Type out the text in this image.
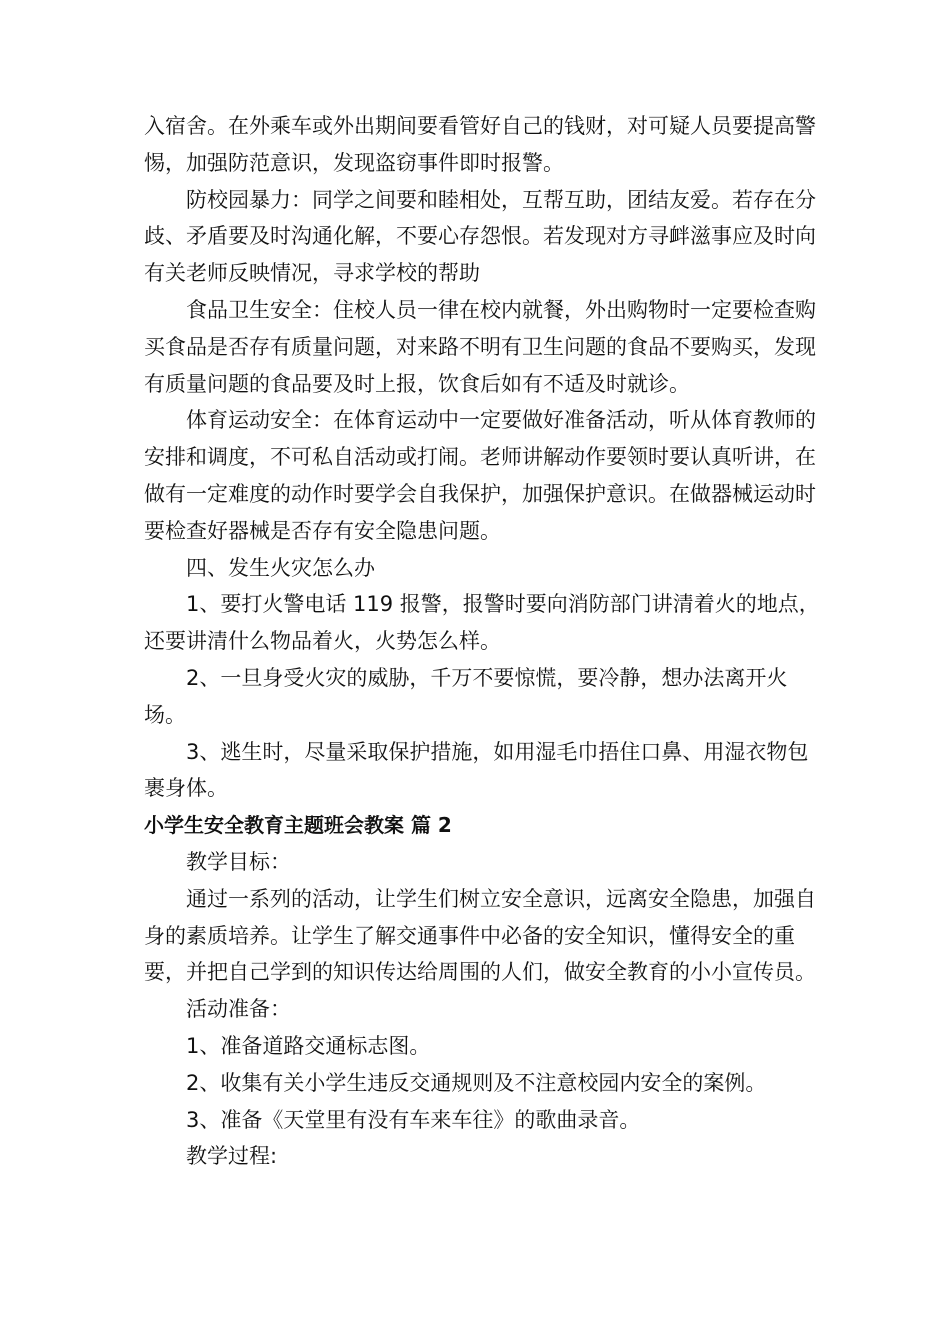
入宿舍。在外乘车或外出期间要看管好自己的钱财，对可疑人员要提高警惕，加强防范意识，发现盗窃事件即时报警。

防校园暴力：同学之间要和睦相处，互帮互助，团结友爱。若存在分歧、矛盾要及时沟通化解，不要心存怨恨。若发现对方寻衅滋事应及时向有关老师反映情况，寻求学校的帮助

食品卫生安全：住校人员一律在校内就餐，外出购物时一定要检查购买食品是否存有质量问题，对来路不明有卫生问题的食品不要购买，发现有质量问题的食品要及时上报，饮食后如有不适及时就诊。

体育运动安全：在体育运动中一定要做好准备活动，听从体育教师的安排和调度，不可私自活动或打闹。老师讲解动作要领时要认真听讲，在做有一定难度的动作时要学会自我保护，加强保护意识。在做器械运动时要检查好器械是否存有安全隐患问题。

四、发生火灾怎么办

1、要打火警电话 119 报警，报警时要向消防部门讲清着火的地点，还要讲清什么物品着火，火势怎么样。

2、一旦身受火灾的威胁，千万不要惊慌，要冷静，想办法离开火场。

3、逃生时，尽量采取保护措施，如用湿毛巾捂住口鼻、用湿衣物包裹身体。

小学生安全教育主题班会教案 篇 2

教学目标：

通过一系列的活动，让学生们树立安全意识，远离安全隐患，加强自身的素质培养。让学生了解交通事件中必备的安全知识，懂得安全的重要，并把自己学到的知识传达给周围的人们，做安全教育的小小宣传员。

活动准备：

1、准备道路交通标志图。

2、收集有关小学生违反交通规则及不注意校园内安全的案例。

3、准备《天堂里有没有车来车往》的歌曲录音。

教学过程:
